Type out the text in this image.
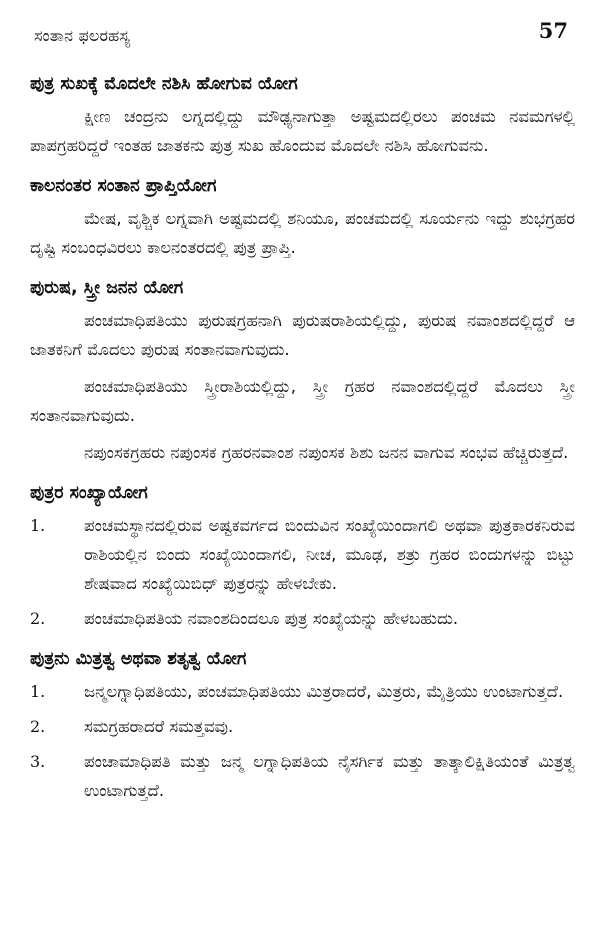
ಸಂತಾನ ಫಲರಹಸ್ಯ	57
ಪುತ್ರ ಸುಖಕ್ಕೆ ಮೊದಲೇ ನಶಿಸಿ ಹೋಗುವ ಯೋಗ

ಕ್ಷೀಣ ಚಂದ್ರನು ಲಗ್ನದಲ್ಲಿದ್ದು ಮೌಢ್ಯನಾಗುತ್ತಾ ಅಷ್ಟಮದಲ್ಲಿರಲು ಪಂಚಮ ನವಮಗಳಲ್ಲಿ ಪಾಪಗ್ರಹರಿದ್ದರೆ ಇಂತಹ ಜಾತಕನು ಪುತ್ರ ಸುಖ ಹೊಂದುವ ಮೊದಲೇ ನಶಿಸಿ ಹೋಗುವನು.

ಕಾಲನಂತರ ಸಂತಾನ ಪ್ರಾಪ್ತಿಯೋಗ

ಮೇಷ, ವೃಶ್ಚಿಕ ಲಗ್ನವಾಗಿ ಅಷ್ಟಮದಲ್ಲಿ ಶನಿಯೂ, ಪಂಚಮದಲ್ಲಿ ಸೂರ್ಯನು ಇದ್ದು ಶುಭಗ್ರಹರ ದೃಷ್ಟಿ ಸಂಬಂಧವಿರಲು ಕಾಲನಂತರದಲ್ಲಿ ಪುತ್ರ ಪ್ರಾಪ್ತಿ.

ಪುರುಷ, ಸ್ತ್ರೀ ಜನನ ಯೋಗ

ಪಂಚಮಾಧಿಪತಿಯು ಪುರುಷಗ್ರಹನಾಗಿ ಪುರುಷರಾಶಿಯಲ್ಲಿದ್ದು, ಪುರುಷ ನವಾಂಶದಲ್ಲಿದ್ದರೆ ಆ ಜಾತಕನಿಗೆ ಮೊದಲು ಪುರುಷ ಸಂತಾನವಾಗುವುದು.

ಪಂಚಮಾಧಿಪತಿಯು ಸ್ತ್ರೀರಾಶಿಯಲ್ಲಿದ್ದು, ಸ್ತ್ರೀ ಗ್ರಹರ ನವಾಂಶದಲ್ಲಿದ್ದರೆ ಮೊದಲು ಸ್ತ್ರೀ ಸಂತಾನವಾಗುವುದು.

ನಪುಂಸಕಗ್ರಹರು ನಪುಂಸಕ ಗ್ರಹರನವಾಂಶ ನಪುಂಸಕ ಶಿಶು ಜನನ ವಾಗುವ ಸಂಭವ ಹೆಚ್ಚಿರುತ್ತದೆ.

ಪುತ್ರರ ಸಂಖ್ಯಾಯೋಗ
1.	ಪಂಚಮಸ್ಥಾನದಲ್ಲಿರುವ ಅಷ್ಟಕವರ್ಗದ ಬಿಂದುವಿನ ಸಂಖ್ಯೆಯಿಂದಾಗಲಿ ಅಥವಾ ಪುತ್ರಕಾರಕನಿರುವ ರಾಶಿಯಲ್ಲಿನ ಬಿಂದು ಸಂಖ್ಯೆಯಿಂದಾಗಲಿ, ನೀಚ, ಮೂಢ, ಶತ್ರು ಗ್ರಹರ ಬಿಂದುಗಳನ್ನು ಬಿಟ್ಟು ಶೇಷವಾದ ಸಂಖ್ಯೆಯಿಬಿಧ್ ಪುತ್ರರನ್ನು ಹೇಳಬೇಕು.
2.	ಪಂಚಮಾಧಿಪತಿಯ ನವಾಂಶದಿಂದಲೂ ಪುತ್ರ ಸಂಖ್ಯೆಯನ್ನು ಹೇಳಬಹುದು.
ಪುತ್ರನು ಮಿತ್ರತ್ವ ಅಥವಾ ಶತೃತ್ವ ಯೋಗ
1.	ಜನ್ಮಲಗ್ನಾಧಿಪತಿಯು, ಪಂಚಮಾಧಿಪತಿಯು ಮಿತ್ರರಾದರೆ, ಮಿತ್ರರು, ಮೈತ್ರಿಯು ಉಂಟಾಗುತ್ತದೆ.
2.	ಸಮಗ್ರಹರಾದರೆ ಸಮತ್ತವವು.
3.	ಪಂಚಾಮಾಧಿಪತಿ ಮತ್ತು ಜನ್ಮ ಲಗ್ನಾಧಿಪತಿಯ ನೈಸರ್ಗಿಕ ಮತ್ತು ತಾತ್ಕಾಲಿಕ್ಷಿತಿಯಂತೆ ಮಿತ್ರತ್ವ ಉಂಟಾಗುತ್ತದೆ.
